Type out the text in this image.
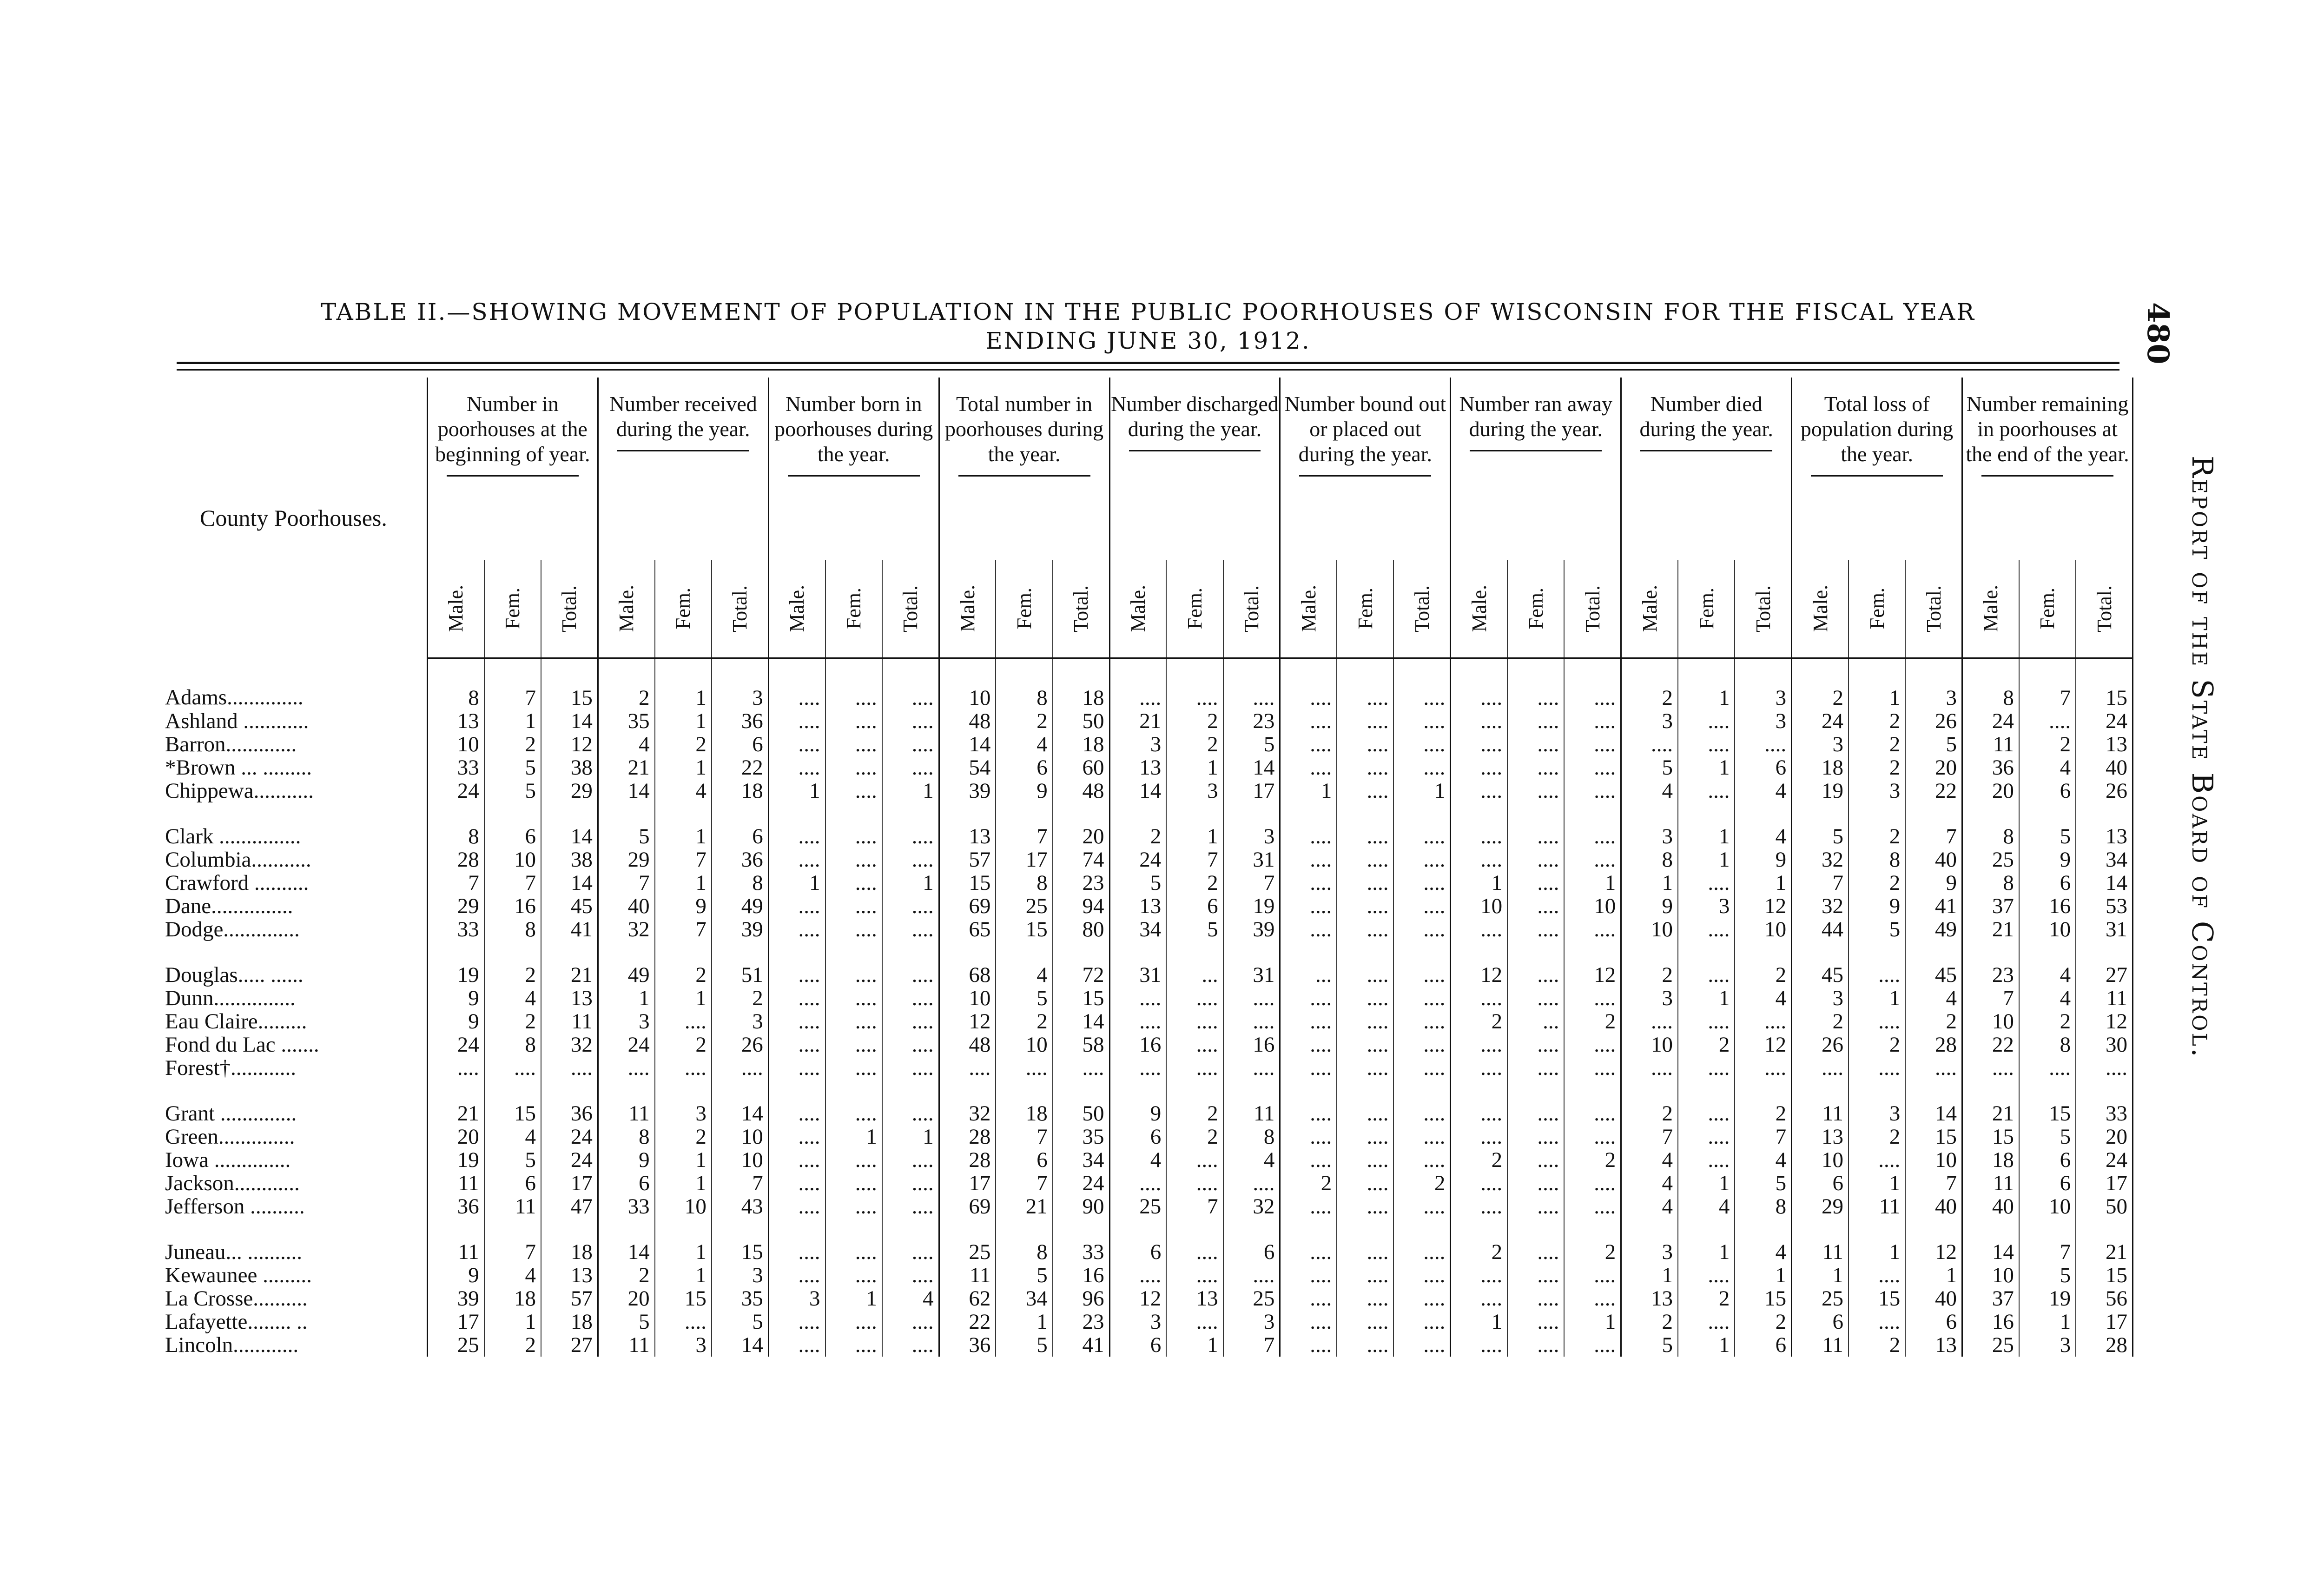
480
Report of the State Board of Control.
TABLE II.—SHOWING MOVEMENT OF POPULATION IN THE PUBLIC POORHOUSES OF WISCONSIN FOR THE FISCAL YEAR
ENDING JUNE 30, 1912.
County Poorhouses.	Number in poorhouses at the beginning of year.			Number received during the year.			Number born in poorhouses during the year.			Total number in poorhouses during the year.			Number discharged during the year.			Number bound out or placed out during the year.			Number ran away during the year.			Number died during the year.			Total loss of population during the year.			Number remaining in poorhouses at the end of the year.		

	Male.	Fem.	Total.	Male.	Fem.	Total.	Male.	Fem.	Total.	Male.	Fem.	Total.	Male.	Fem.	Total.	Male.	Fem.	Total.	Male.	Fem.	Total.	Male.	Fem.	Total.	Male.	Fem.	Total.	Male.	Fem.	Total.

Adams..............	8	7	15	2	1	3	....	....	....	10	8	18	....	....	....	....	....	....	....	....	....	2	1	3	2	1	3	8	7	15
Ashland ............	13	1	14	35	1	36	....	....	....	48	2	50	21	2	23	....	....	....	....	....	....	3	....	3	24	2	26	24	....	24
Barron.............	10	2	12	4	2	6	....	....	....	14	4	18	3	2	5	....	....	....	....	....	....	....	....	....	3	2	5	11	2	13
*Brown ... .........	33	5	38	21	1	22	....	....	....	54	6	60	13	1	14	....	....	....	....	....	....	5	1	6	18	2	20	36	4	40
Chippewa...........	24	5	29	14	4	18	1	....	1	39	9	48	14	3	17	1	....	1	....	....	....	4	....	4	19	3	22	20	6	26
Clark ...............	8	6	14	5	1	6	....	....	....	13	7	20	2	1	3	....	....	....	....	....	....	3	1	4	5	2	7	8	5	13
Columbia...........	28	10	38	29	7	36	....	....	....	57	17	74	24	7	31	....	....	....	....	....	....	8	1	9	32	8	40	25	9	34
Crawford ..........	7	7	14	7	1	8	1	....	1	15	8	23	5	2	7	....	....	....	1	....	1	1	....	1	7	2	9	8	6	14
Dane...............	29	16	45	40	9	49	....	....	....	69	25	94	13	6	19	....	....	....	10	....	10	9	3	12	32	9	41	37	16	53
Dodge..............	33	8	41	32	7	39	....	....	....	65	15	80	34	5	39	....	....	....	....	....	....	10	....	10	44	5	49	21	10	31
Douglas..... ......	19	2	21	49	2	51	....	....	....	68	4	72	31	...	31	...	....	....	12	....	12	2	....	2	45	....	45	23	4	27
Dunn...............	9	4	13	1	1	2	....	....	....	10	5	15	....	....	....	....	....	....	....	....	....	3	1	4	3	1	4	7	4	11
Eau Claire.........	9	2	11	3	....	3	....	....	....	12	2	14	....	....	....	....	....	....	2	...	2	....	....	....	2	....	2	10	2	12
Fond du Lac .......	24	8	32	24	2	26	....	....	....	48	10	58	16	....	16	....	....	....	....	....	....	10	2	12	26	2	28	22	8	30
Forest†............	....	....	....	....	....	....	....	....	....	....	....	....	....	....	....	....	....	....	....	....	....	....	....	....	....	....	....	....	....	....
Grant ..............	21	15	36	11	3	14	....	....	....	32	18	50	9	2	11	....	....	....	....	....	....	2	....	2	11	3	14	21	15	33
Green..............	20	4	24	8	2	10	....	1	1	28	7	35	6	2	8	....	....	....	....	....	....	7	....	7	13	2	15	15	5	20
Iowa ..............	19	5	24	9	1	10	....	....	....	28	6	34	4	....	4	....	....	....	2	....	2	4	....	4	10	....	10	18	6	24
Jackson............	11	6	17	6	1	7	....	....	....	17	7	24	....	....	....	2	....	2	....	....	....	4	1	5	6	1	7	11	6	17
Jefferson ..........	36	11	47	33	10	43	....	....	....	69	21	90	25	7	32	....	....	....	....	....	....	4	4	8	29	11	40	40	10	50
Juneau... ..........	11	7	18	14	1	15	....	....	....	25	8	33	6	....	6	....	....	....	2	....	2	3	1	4	11	1	12	14	7	21
Kewaunee .........	9	4	13	2	1	3	....	....	....	11	5	16	....	....	....	....	....	....	....	....	....	1	....	1	1	....	1	10	5	15
La Crosse..........	39	18	57	20	15	35	3	1	4	62	34	96	12	13	25	....	....	....	....	....	....	13	2	15	25	15	40	37	19	56
Lafayette........ ..	17	1	18	5	....	5	....	....	....	22	1	23	3	....	3	....	....	....	1	....	1	2	....	2	6	....	6	16	1	17
Lincoln............	25	2	27	11	3	14	....	....	....	36	5	41	6	1	7	....	....	....	....	....	....	5	1	6	11	2	13	25	3	28
